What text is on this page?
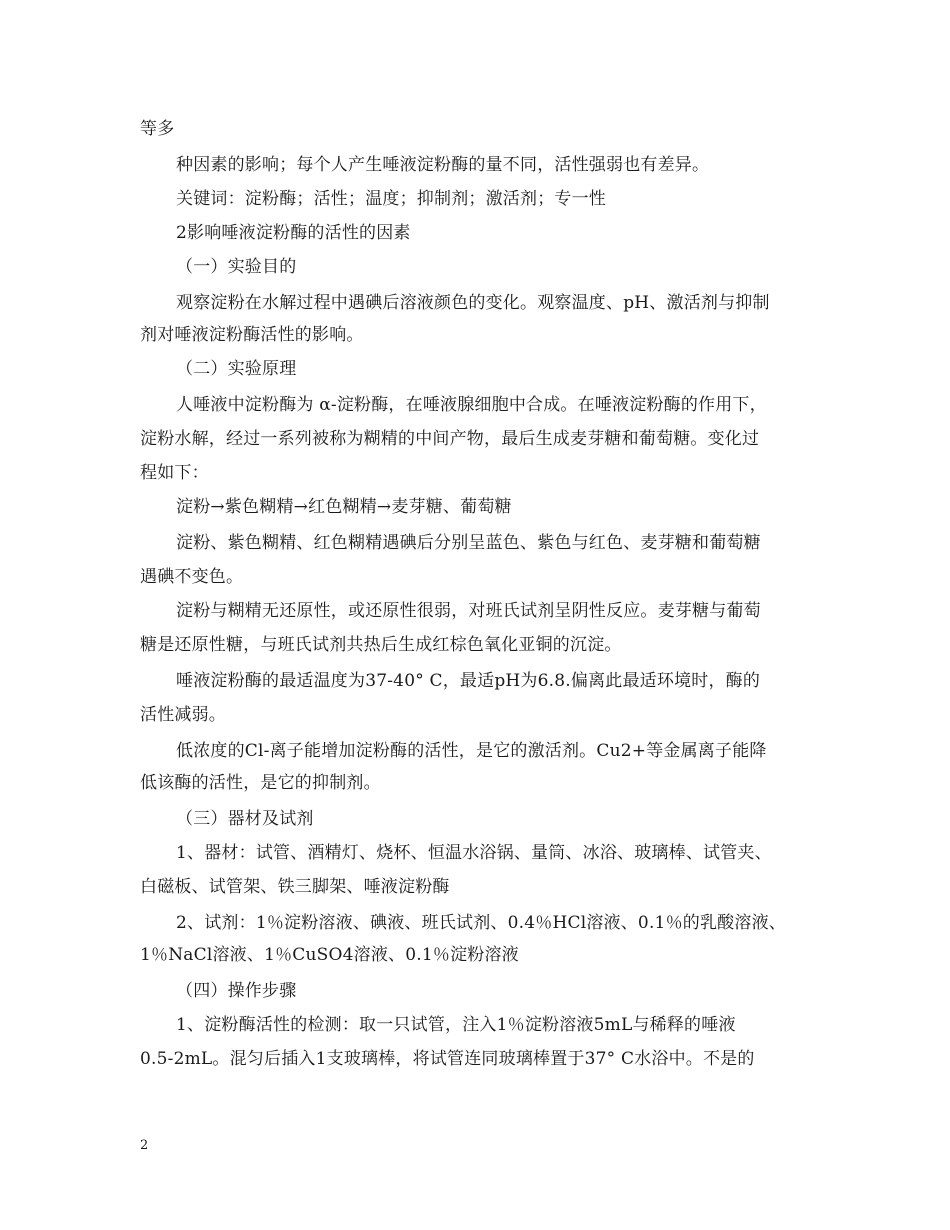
等多
种因素的影响；每个人产生唾液淀粉酶的量不同，活性强弱也有差异。
关键词：淀粉酶；活性；温度；抑制剂；激活剂；专一性
2影响唾液淀粉酶的活性的因素
（一）实验目的
观察淀粉在水解过程中遇碘后溶液颜色的变化。观察温度、pH、激活剂与抑制
剂对唾液淀粉酶活性的影响。
（二）实验原理
人唾液中淀粉酶为 α-淀粉酶，在唾液腺细胞中合成。在唾液淀粉酶的作用下，
淀粉水解，经过一系列被称为糊精的中间产物，最后生成麦芽糖和葡萄糖。变化过
程如下：
淀粉→紫色糊精→红色糊精→麦芽糖、葡萄糖
淀粉、紫色糊精、红色糊精遇碘后分别呈蓝色、紫色与红色、麦芽糖和葡萄糖
遇碘不变色。
淀粉与糊精无还原性，或还原性很弱，对班氏试剂呈阴性反应。麦芽糖与葡萄
糖是还原性糖，与班氏试剂共热后生成红棕色氧化亚铜的沉淀。
唾液淀粉酶的最适温度为37-40° C，最适pH为6.8.偏离此最适环境时，酶的
活性减弱。
低浓度的Cl-离子能增加淀粉酶的活性，是它的激活剂。Cu2+等金属离子能降
低该酶的活性，是它的抑制剂。
（三）器材及试剂
1、器材：试管、酒精灯、烧杯、恒温水浴锅、量筒、冰浴、玻璃棒、试管夹、
白磁板、试管架、铁三脚架、唾液淀粉酶
2、试剂：1％淀粉溶液、碘液、班氏试剂、0.4％HCl溶液、0.1％的乳酸溶液、
1％NaCl溶液、1％CuSO4溶液、0.1％淀粉溶液
（四）操作步骤
1、淀粉酶活性的检测：取一只试管，注入1％淀粉溶液5mL与稀释的唾液
0.5-2mL。混匀后插入1支玻璃棒，将试管连同玻璃棒置于37° C水浴中。不是的
2
